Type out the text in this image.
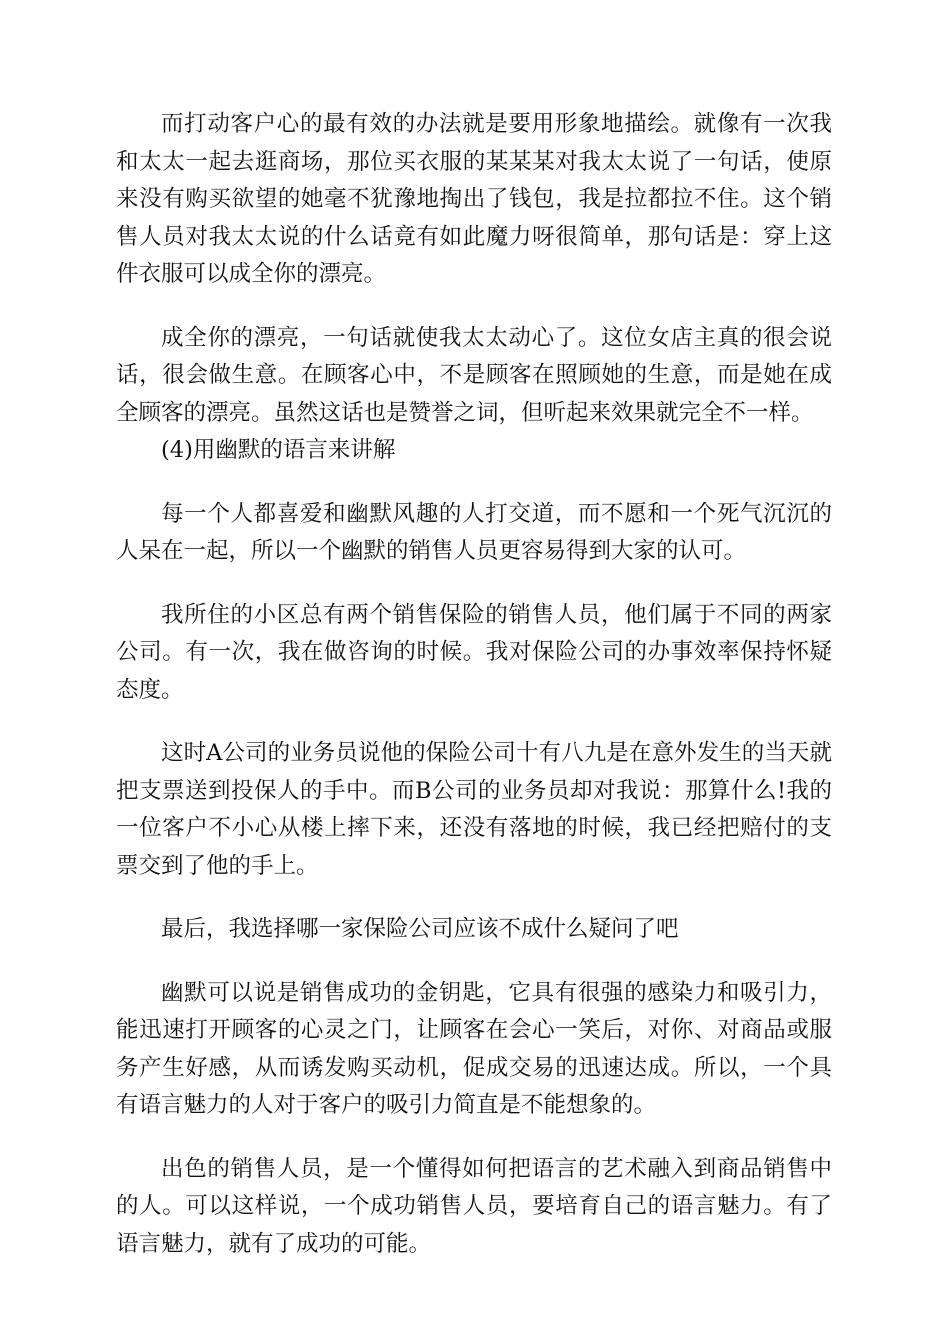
而打动客户心的最有效的办法就是要用形象地描绘。就像有一次我和太太一起去逛商场，那位买衣服的某某某对我太太说了一句话，使原来没有购买欲望的她毫不犹豫地掏出了钱包，我是拉都拉不住。这个销售人员对我太太说的什么话竟有如此魔力呀很简单，那句话是：穿上这件衣服可以成全你的漂亮。

成全你的漂亮，一句话就使我太太动心了。这位女店主真的很会说话，很会做生意。在顾客心中，不是顾客在照顾她的生意，而是她在成全顾客的漂亮。虽然这话也是赞誉之词，但听起来效果就完全不一样。

(4)用幽默的语言来讲解

每一个人都喜爱和幽默风趣的人打交道，而不愿和一个死气沉沉的人呆在一起，所以一个幽默的销售人员更容易得到大家的认可。

我所住的小区总有两个销售保险的销售人员，他们属于不同的两家公司。有一次，我在做咨询的时候。我对保险公司的办事效率保持怀疑态度。

这时A公司的业务员说他的保险公司十有八九是在意外发生的当天就把支票送到投保人的手中。而B公司的业务员却对我说：那算什么!我的一位客户不小心从楼上摔下来，还没有落地的时候，我已经把赔付的支票交到了他的手上。

最后，我选择哪一家保险公司应该不成什么疑问了吧

幽默可以说是销售成功的金钥匙，它具有很强的感染力和吸引力，能迅速打开顾客的心灵之门，让顾客在会心一笑后，对你、对商品或服务产生好感，从而诱发购买动机，促成交易的迅速达成。所以，一个具有语言魅力的人对于客户的吸引力简直是不能想象的。

出色的销售人员，是一个懂得如何把语言的艺术融入到商品销售中的人。可以这样说，一个成功销售人员，要培育自己的语言魅力。有了语言魅力，就有了成功的可能。
